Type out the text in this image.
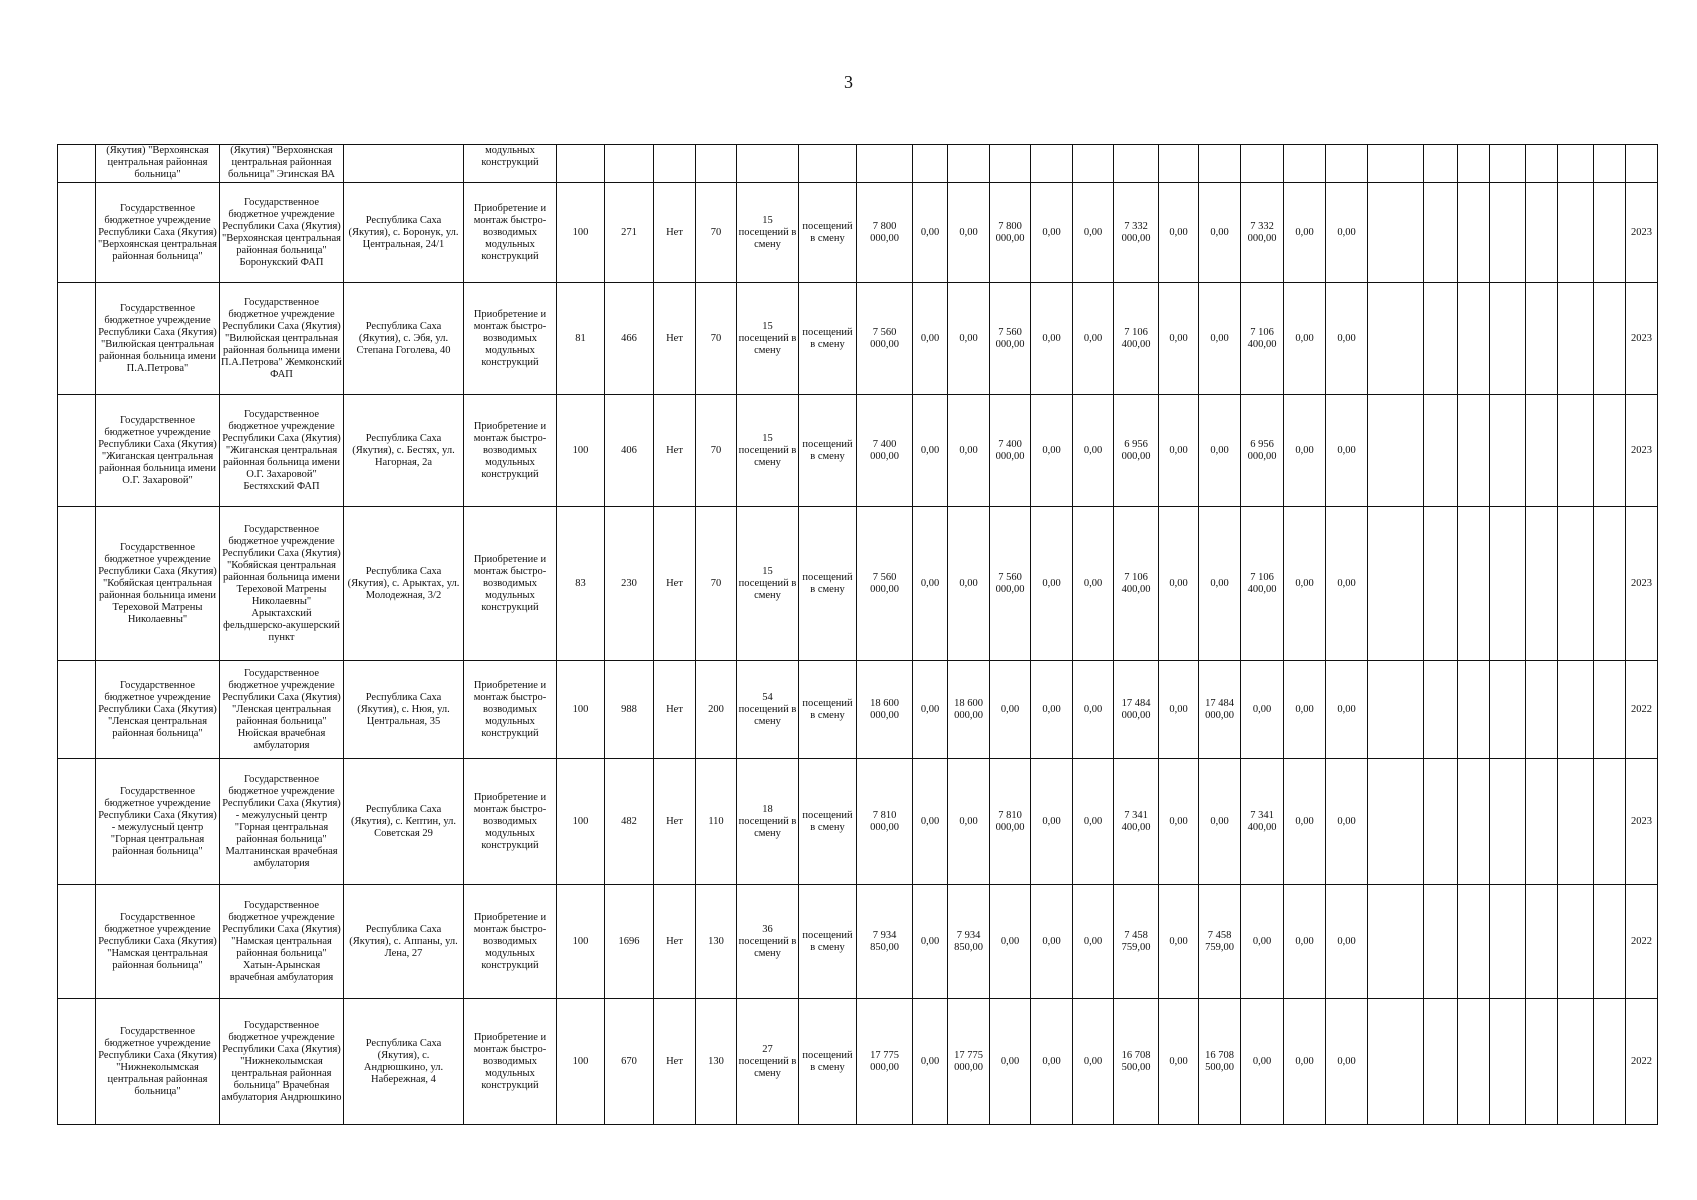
3
	(Якутия) "Верхоянская центральная районная больница"	(Якутия) "Верхоянская центральная районная больница" Эгинская ВА		модульных конструкций																										
	Государственное бюджетное учреждение Республики Саха (Якутия) "Верхоянская центральная районная больница"	Государственное бюджетное учреждение Республики Саха (Якутия) "Верхоянская центральная районная больница" Боронукский ФАП	Республика Саха (Якутия), с. Боронук, ул. Центральная, 24/1	Приобретение и монтаж быстро-возводимых модульных конструкций	100	271	Нет	70	15 посещений в смену	посещений в смену	7 800 000,00	0,00	0,00	7 800 000,00	0,00	0,00	7 332 000,00	0,00	0,00	7 332 000,00	0,00	0,00								2023
	Государственное бюджетное учреждение Республики Саха (Якутия) "Вилюйская центральная районная больница имени П.А.Петрова"	Государственное бюджетное учреждение Республики Саха (Якутия) "Вилюйская центральная районная больница имени П.А.Петрова" Жемконский ФАП	Республика Саха (Якутия), с. Эбя, ул. Степана Гоголева, 40	Приобретение и монтаж быстро-возводимых модульных конструкций	81	466	Нет	70	15 посещений в смену	посещений в смену	7 560 000,00	0,00	0,00	7 560 000,00	0,00	0,00	7 106 400,00	0,00	0,00	7 106 400,00	0,00	0,00								2023
	Государственное бюджетное учреждение Республики Саха (Якутия) "Жиганская центральная районная больница имени О.Г. Захаровой"	Государственное бюджетное учреждение Республики Саха (Якутия) "Жиганская центральная районная больница имени О.Г. Захаровой" Бестяхский ФАП	Республика Саха (Якутия), с. Бестях, ул. Нагорная, 2а	Приобретение и монтаж быстро-возводимых модульных конструкций	100	406	Нет	70	15 посещений в смену	посещений в смену	7 400 000,00	0,00	0,00	7 400 000,00	0,00	0,00	6 956 000,00	0,00	0,00	6 956 000,00	0,00	0,00								2023
	Государственное бюджетное учреждение Республики Саха (Якутия) "Кобяйская центральная районная больница имени Тереховой Матрены Николаевны"	Государственное бюджетное учреждение Республики Саха (Якутия) "Кобяйская центральная районная больница имени Тереховой Матрены Николаевны" Арыктахский фельдшерско-акушерский пункт	Республика Саха (Якутия), с. Арыктах, ул. Молодежная, 3/2	Приобретение и монтаж быстро-возводимых модульных конструкций	83	230	Нет	70	15 посещений в смену	посещений в смену	7 560 000,00	0,00	0,00	7 560 000,00	0,00	0,00	7 106 400,00	0,00	0,00	7 106 400,00	0,00	0,00								2023
	Государственное бюджетное учреждение Республики Саха (Якутия) "Ленская центральная районная больница"	Государственное бюджетное учреждение Республики Саха (Якутия) "Ленская центральная районная больница" Нюйская врачебная амбулатория	Республика Саха (Якутия), с. Нюя, ул. Центральная, 35	Приобретение и монтаж быстро-возводимых модульных конструкций	100	988	Нет	200	54 посещений в смену	посещений в смену	18 600 000,00	0,00	18 600 000,00	0,00	0,00	0,00	17 484 000,00	0,00	17 484 000,00	0,00	0,00	0,00								2022
	Государственное бюджетное учреждение Республики Саха (Якутия) - межулусный центр "Горная центральная районная больница"	Государственное бюджетное учреждение Республики Саха (Якутия) - межулусный центр "Горная центральная районная больница" Малтанинская врачебная амбулатория	Республика Саха (Якутия), с. Кептин, ул. Советская 29	Приобретение и монтаж быстро-возводимых модульных конструкций	100	482	Нет	110	18 посещений в смену	посещений в смену	7 810 000,00	0,00	0,00	7 810 000,00	0,00	0,00	7 341 400,00	0,00	0,00	7 341 400,00	0,00	0,00								2023
	Государственное бюджетное учреждение Республики Саха (Якутия) "Намская центральная районная больница"	Государственное бюджетное учреждение Республики Саха (Якутия) "Намская центральная районная больница" Хатын-Арынская врачебная амбулатория	Республика Саха (Якутия), с. Аппаны, ул. Лена, 27	Приобретение и монтаж быстро-возводимых модульных конструкций	100	1696	Нет	130	36 посещений в смену	посещений в смену	7 934 850,00	0,00	7 934 850,00	0,00	0,00	0,00	7 458 759,00	0,00	7 458 759,00	0,00	0,00	0,00								2022
	Государственное бюджетное учреждение Республики Саха (Якутия) "Нижнеколымская центральная районная больница"	Государственное бюджетное учреждение Республики Саха (Якутия) "Нижнеколымская центральная районная больница" Врачебная амбулатория Андрюшкино	Республика Саха (Якутия), с. Андрюшкино, ул. Набережная, 4	Приобретение и монтаж быстро-возводимых модульных конструкций	100	670	Нет	130	27 посещений в смену	посещений в смену	17 775 000,00	0,00	17 775 000,00	0,00	0,00	0,00	16 708 500,00	0,00	16 708 500,00	0,00	0,00	0,00								2022
